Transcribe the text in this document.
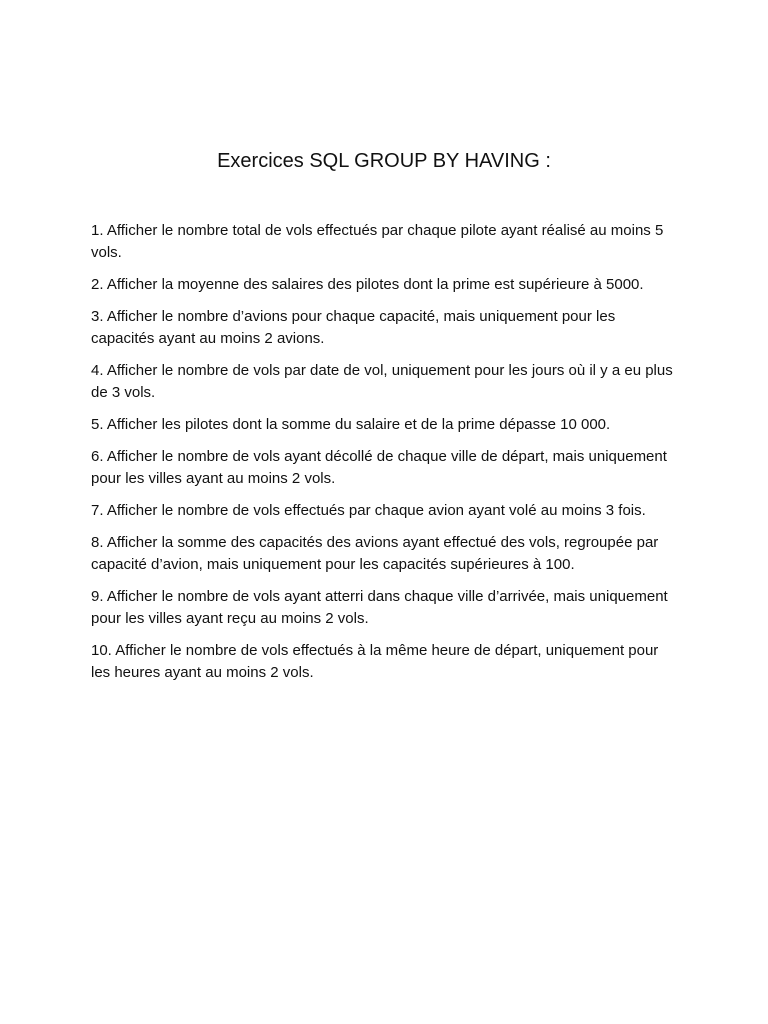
Exercices SQL GROUP BY HAVING :
1. Afficher le nombre total de vols effectués par chaque pilote ayant réalisé au moins 5 vols.
2. Afficher la moyenne des salaires des pilotes dont la prime est supérieure à 5000.
3. Afficher le nombre d’avions pour chaque capacité, mais uniquement pour les capacités ayant au moins 2 avions.
4. Afficher le nombre de vols par date de vol, uniquement pour les jours où il y a eu plus de 3 vols.
5. Afficher les pilotes dont la somme du salaire et de la prime dépasse 10 000.
6. Afficher le nombre de vols ayant décollé de chaque ville de départ, mais uniquement pour les villes ayant au moins 2 vols.
7. Afficher le nombre de vols effectués par chaque avion ayant volé au moins 3 fois.
8. Afficher la somme des capacités des avions ayant effectué des vols, regroupée par capacité d’avion, mais uniquement pour les capacités supérieures à 100.
9. Afficher le nombre de vols ayant atterri dans chaque ville d’arrivée, mais uniquement pour les villes ayant reçu au moins 2 vols.
10. Afficher le nombre de vols effectués à la même heure de départ, uniquement pour les heures ayant au moins 2 vols.
